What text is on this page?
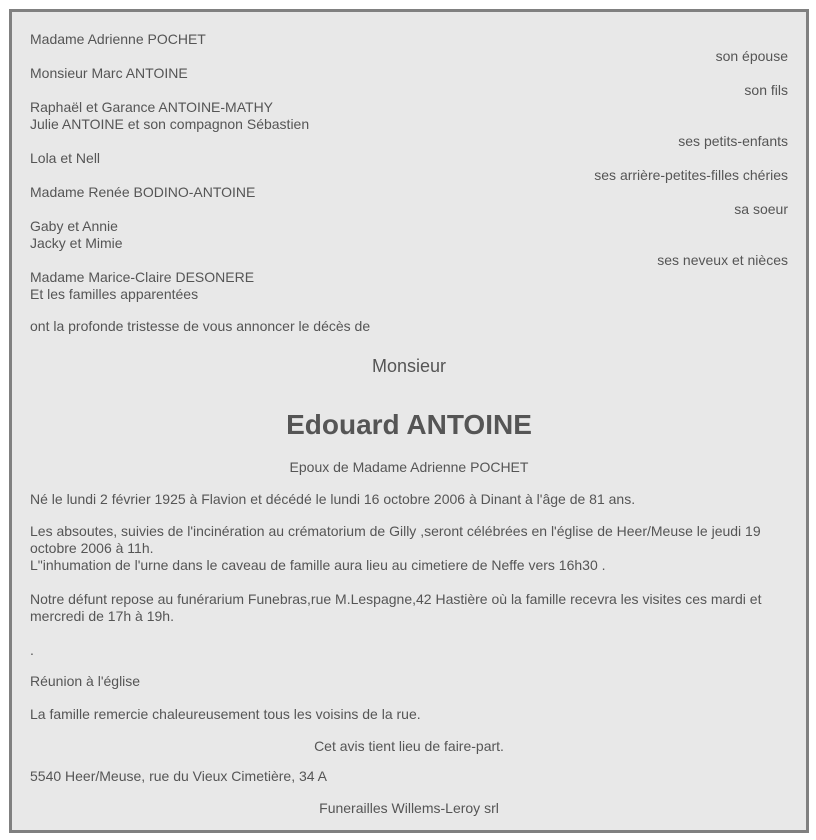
Madame Adrienne POCHET
son épouse
Monsieur Marc ANTOINE
son fils
Raphaël et Garance ANTOINE-MATHY
Julie ANTOINE et son compagnon Sébastien
ses petits-enfants
Lola et Nell
ses arrière-petites-filles chéries
Madame Renée BODINO-ANTOINE
sa soeur
Gaby et Annie
Jacky et Mimie
ses neveux et nièces
Madame Marice-Claire DESONERE
Et les familles apparentées
ont la profonde tristesse de vous annoncer le décès de
Monsieur
Edouard ANTOINE
Epoux de Madame Adrienne POCHET
Né le lundi 2 février 1925 à Flavion et décédé le lundi 16 octobre 2006 à Dinant à l'âge de 81 ans.
Les absoutes, suivies de l'incinération au crématorium de Gilly ,seront célébrées en l'église de Heer/Meuse le jeudi 19 octobre 2006 à 11h.
L"inhumation de l'urne dans le caveau de famille aura lieu au cimetiere de Neffe vers 16h30 .
Notre défunt repose au funérarium Funebras,rue M.Lespagne,42 Hastière où la famille recevra les visites ces mardi et mercredi de 17h à 19h.
.
Réunion à l'église
La famille remercie chaleureusement tous les voisins de la rue.
Cet avis tient lieu de faire-part.
5540 Heer/Meuse, rue du Vieux Cimetière, 34 A
Funerailles Willems-Leroy srl
